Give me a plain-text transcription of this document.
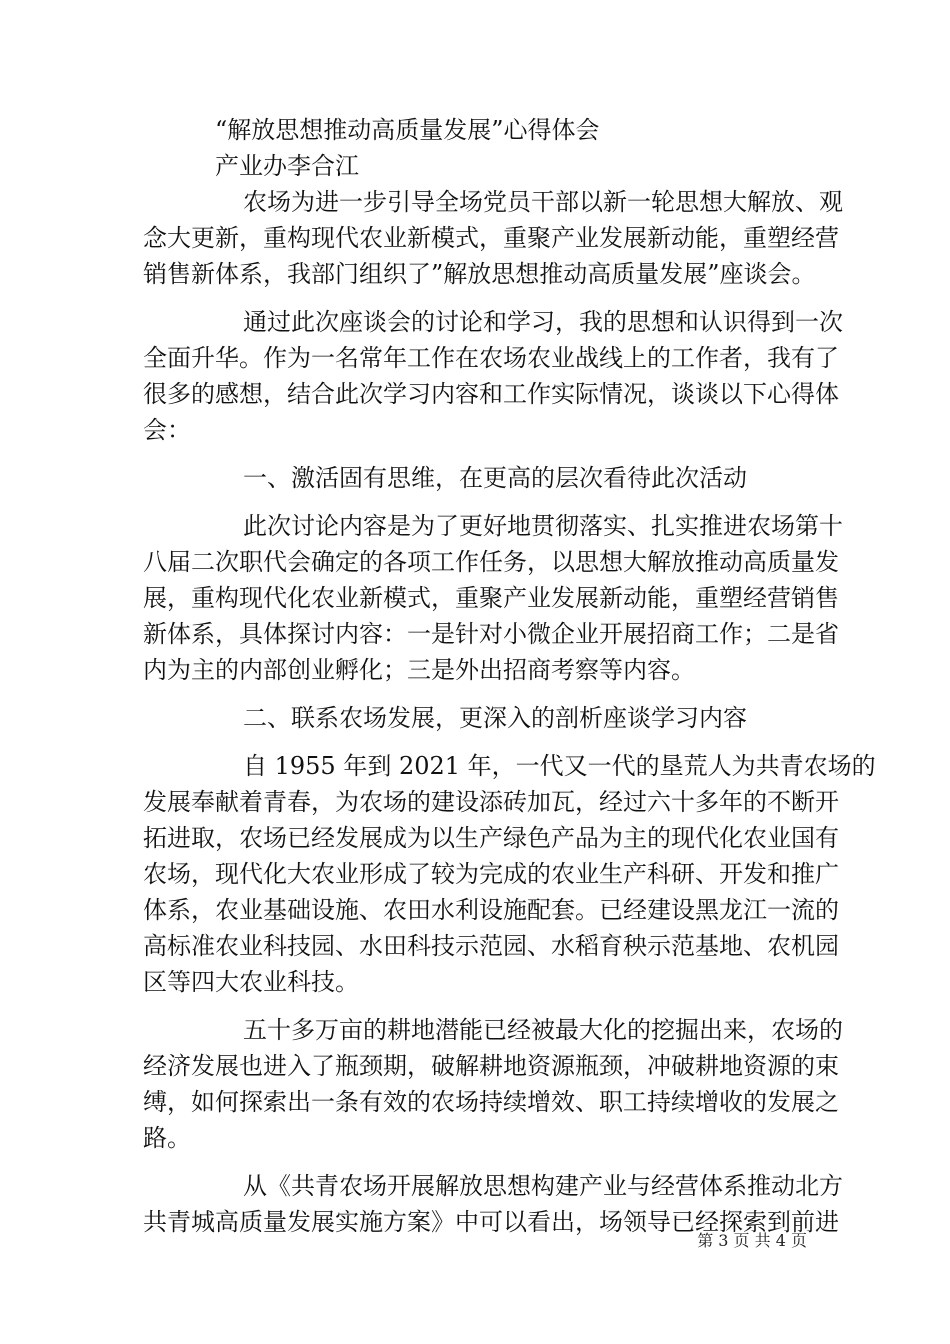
“解放思想推动高质量发展”心得体会
产业办李合江
农场为进一步引导全场党员干部以新一轮思想大解放、观
念大更新，重构现代农业新模式，重聚产业发展新动能，重塑经营
销售新体系，我部门组织了”解放思想推动高质量发展”座谈会。
通过此次座谈会的讨论和学习，我的思想和认识得到一次
全面升华。作为一名常年工作在农场农业战线上的工作者，我有了
很多的感想，结合此次学习内容和工作实际情况，谈谈以下心得体
会：
一、激活固有思维，在更高的层次看待此次活动
此次讨论内容是为了更好地贯彻落实、扎实推进农场第十
八届二次职代会确定的各项工作任务，以思想大解放推动高质量发
展，重构现代化农业新模式，重聚产业发展新动能，重塑经营销售
新体系，具体探讨内容：一是针对小微企业开展招商工作；二是省
内为主的内部创业孵化；三是外出招商考察等内容。
二、联系农场发展，更深入的剖析座谈学习内容
自 1955 年到 2021 年，一代又一代的垦荒人为共青农场的
发展奉献着青春，为农场的建设添砖加瓦，经过六十多年的不断开
拓进取，农场已经发展成为以生产绿色产品为主的现代化农业国有
农场，现代化大农业形成了较为完成的农业生产科研、开发和推广
体系，农业基础设施、农田水利设施配套。已经建设黑龙江一流的
高标准农业科技园、水田科技示范园、水稻育秧示范基地、农机园
区等四大农业科技。
五十多万亩的耕地潜能已经被最大化的挖掘出来，农场的
经济发展也进入了瓶颈期，破解耕地资源瓶颈，冲破耕地资源的束
缚，如何探索出一条有效的农场持续增效、职工持续增收的发展之
路。
从《共青农场开展解放思想构建产业与经营体系推动北方
共青城高质量发展实施方案》中可以看出，场领导已经探索到前进
第 3 页 共 4 页
